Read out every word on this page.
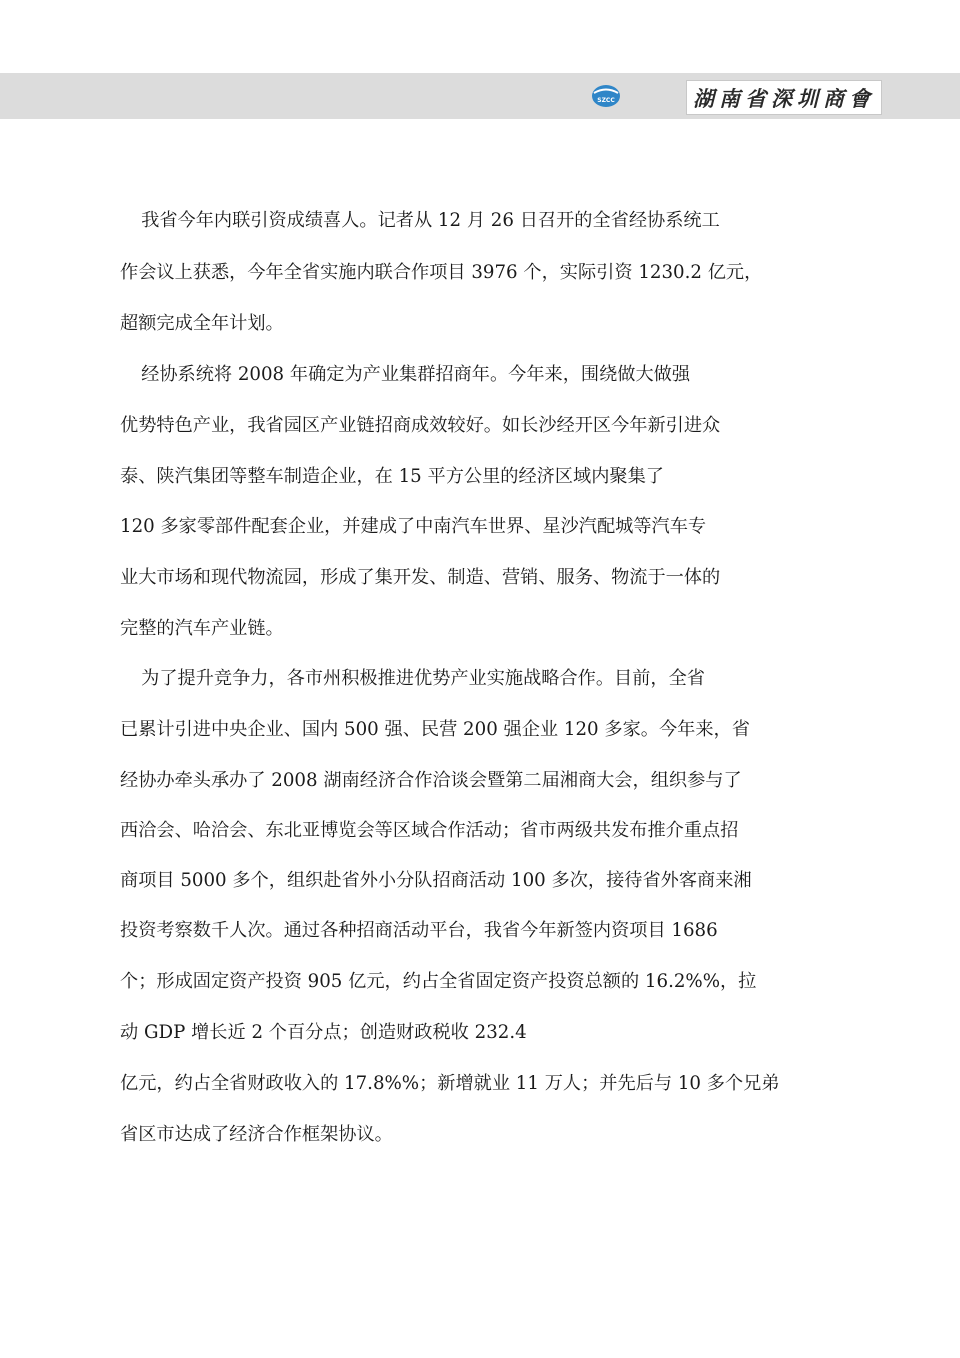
SZCC	湖南省深圳商會
我省今年内联引资成绩喜人。记者从 12 月 26 日召开的全省经协系统工
作会议上获悉，今年全省实施内联合作项目 3976 个，实际引资 1230.2 亿元，
超额完成全年计划。
经协系统将 2008 年确定为产业集群招商年。今年来，围绕做大做强
优势特色产业，我省园区产业链招商成效较好。如长沙经开区今年新引进众
泰、陕汽集团等整车制造企业，在 15 平方公里的经济区域内聚集了
120 多家零部件配套企业，并建成了中南汽车世界、星沙汽配城等汽车专
业大市场和现代物流园，形成了集开发、制造、营销、服务、物流于一体的
完整的汽车产业链。
为了提升竞争力，各市州积极推进优势产业实施战略合作。目前，全省
已累计引进中央企业、国内 500 强、民营 200 强企业 120 多家。今年来，省
经协办牵头承办了 2008 湖南经济合作洽谈会暨第二届湘商大会，组织参与了
西洽会、哈洽会、东北亚博览会等区域合作活动；省市两级共发布推介重点招
商项目 5000 多个，组织赴省外小分队招商活动 100 多次，接待省外客商来湘
投资考察数千人次。通过各种招商活动平台，我省今年新签内资项目 1686
个；形成固定资产投资 905 亿元，约占全省固定资产投资总额的 16.2%%，拉
动 GDP 增长近 2 个百分点；创造财政税收 232.4
亿元，约占全省财政收入的 17.8%%；新增就业 11 万人；并先后与 10 多个兄弟
省区市达成了经济合作框架协议。
